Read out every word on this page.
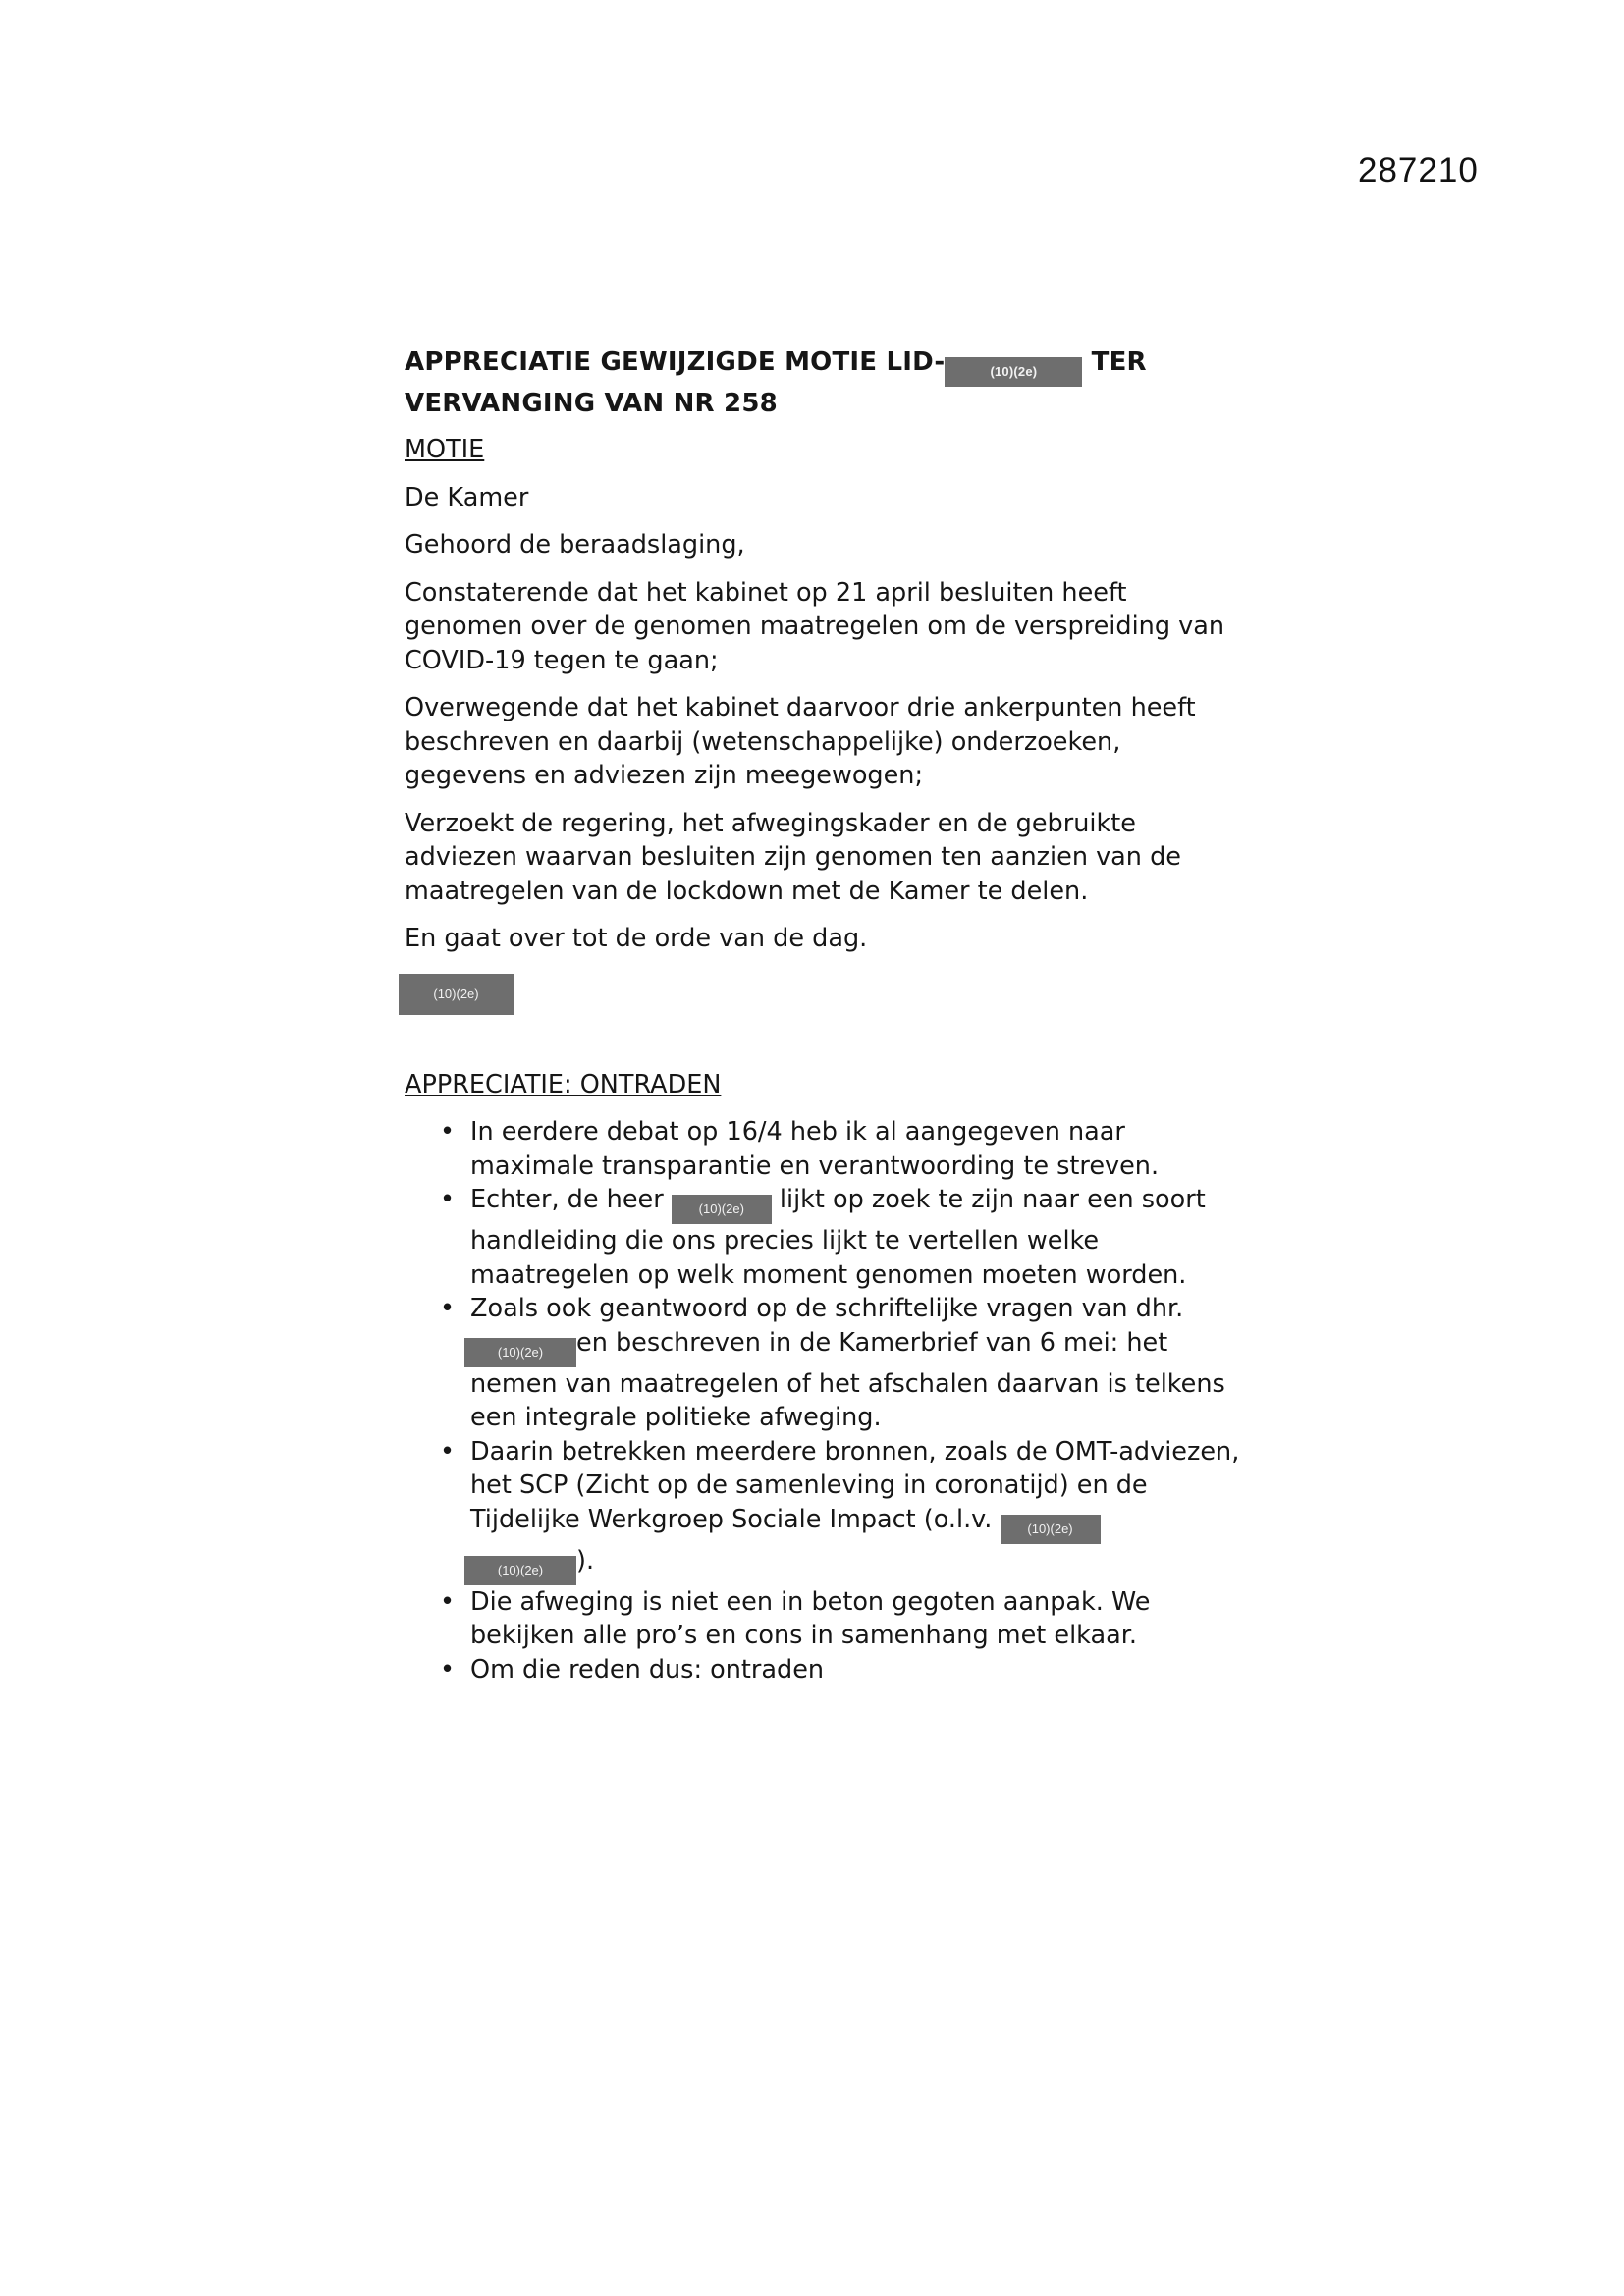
287210
APPRECIATIE GEWIJZIGDE MOTIE LID-	(10)(2e) TER
VERVANGING VAN NR 258
MOTIE
De Kamer
Gehoord de beraadslaging,
Constaterende dat het kabinet op 21 april besluiten heeft genomen over de genomen maatregelen om de verspreiding van COVID-19 tegen te gaan;
Overwegende dat het kabinet daarvoor drie ankerpunten heeft beschreven en daarbij (wetenschappelijke) onderzoeken, gegevens en adviezen zijn meegewogen;
Verzoekt de regering, het afwegingskader en de gebruikte adviezen waarvan besluiten zijn genomen ten aanzien van de maatregelen van de lockdown met de Kamer te delen.
En gaat over tot de orde van de dag.
(10)(2e)
APPRECIATIE: ONTRADEN
• In eerdere debat op 16/4 heb ik al aangegeven naar maximale transparantie en verantwoording te streven.
• Echter, de heer	(10)(2e) lijkt op zoek te zijn naar een soort handleiding die ons precies lijkt te vertellen welke maatregelen op welk moment genomen moeten worden.
• Zoals ook geantwoord op de schriftelijke vragen van dhr.
(10)(2e) en beschreven in de Kamerbrief van 6 mei: het nemen van maatregelen of het afschalen daarvan is telkens een integrale politieke afweging.
• Daarin betrekken meerdere bronnen, zoals de OMT-adviezen, het SCP (Zicht op de samenleving in coronatijd) en de Tijdelijke Werkgroep Sociale Impact (o.l.v.	(10)(2e)
(10)(2e) ).
• Die afweging is niet een in beton gegoten aanpak. We bekijken alle pro’s en cons in samenhang met elkaar.
• Om die reden dus: ontraden
